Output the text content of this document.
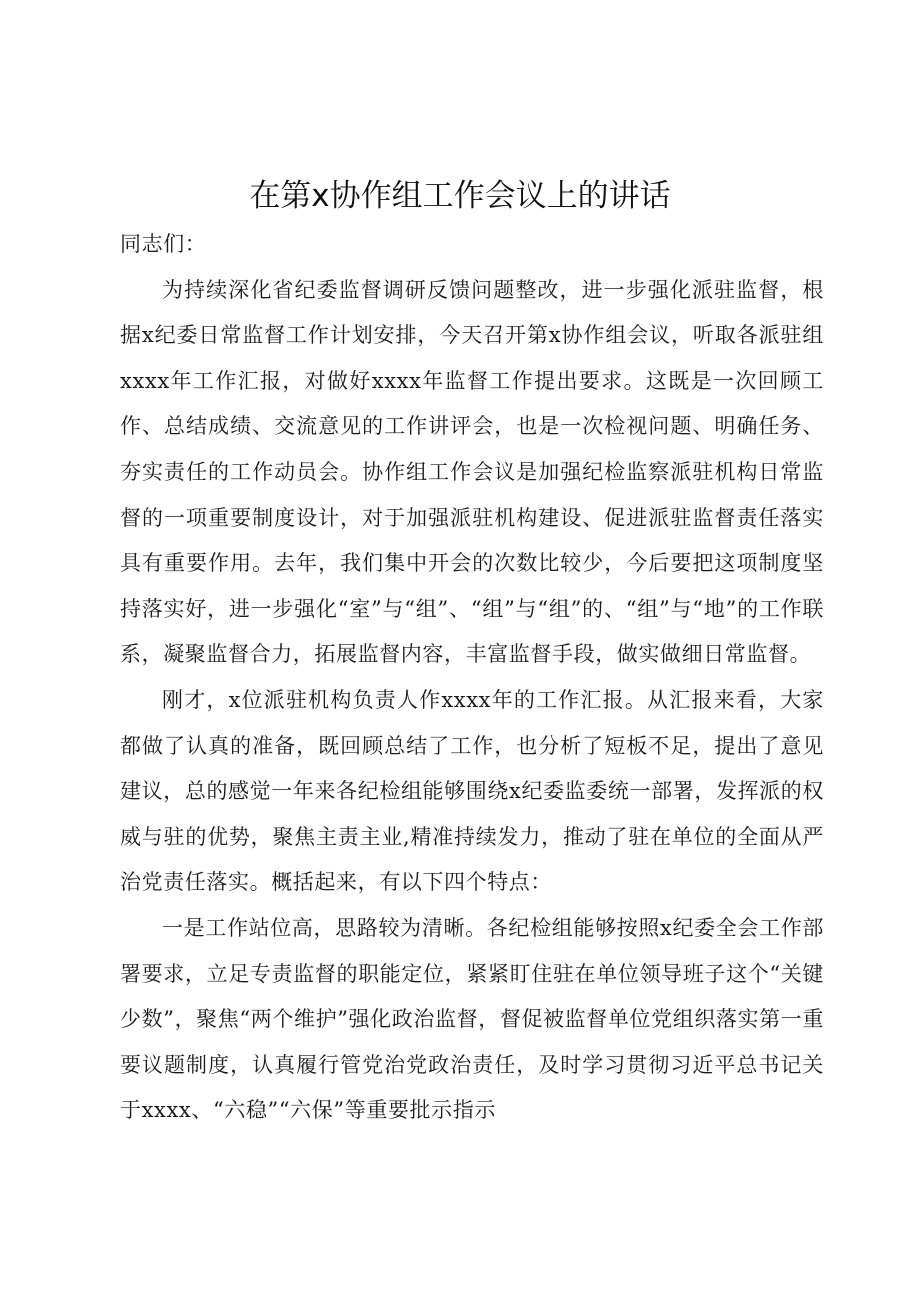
在第x协作组工作会议上的讲话

同志们：

为持续深化省纪委监督调研反馈问题整改，进一步强化派驻监督，根据x纪委日常监督工作计划安排，今天召开第x协作组会议，听取各派驻组xxxx年工作汇报，对做好xxxx年监督工作提出要求。这既是一次回顾工作、总结成绩、交流意见的工作讲评会，也是一次检视问题、明确任务、夯实责任的工作动员会。协作组工作会议是加强纪检监察派驻机构日常监督的一项重要制度设计，对于加强派驻机构建设、促进派驻监督责任落实具有重要作用。去年，我们集中开会的次数比较少，今后要把这项制度坚持落实好，进一步强化“室”与“组”、“组”与“组”的、“组”与“地”的工作联系，凝聚监督合力，拓展监督内容，丰富监督手段，做实做细日常监督。

刚才，x位派驻机构负责人作xxxx年的工作汇报。从汇报来看，大家都做了认真的准备，既回顾总结了工作，也分析了短板不足，提出了意见建议，总的感觉一年来各纪检组能够围绕x纪委监委统一部署，发挥派的权威与驻的优势，聚焦主责主业,精准持续发力，推动了驻在单位的全面从严治党责任落实。概括起来，有以下四个特点：

一是工作站位高，思路较为清晰。各纪检组能够按照x纪委全会工作部署要求，立足专责监督的职能定位，紧紧盯住驻在单位领导班子这个“关键少数”，聚焦“两个维护”强化政治监督，督促被监督单位党组织落实第一重要议题制度，认真履行管党治党政治责任，及时学习贯彻习近平总书记关于xxxx、“六稳”“六保”等重要批示指示
